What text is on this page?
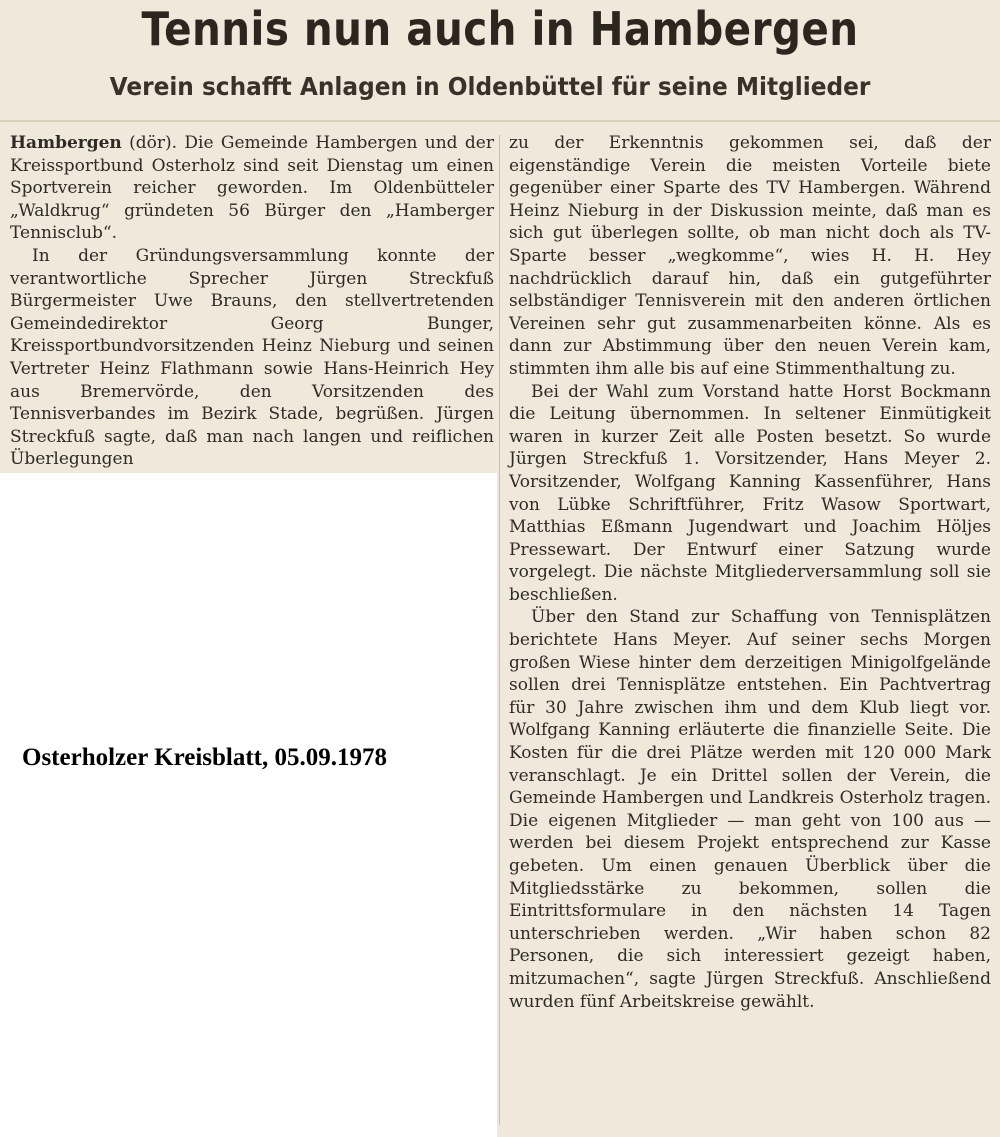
Tennis nun auch in Hambergen
Verein schafft Anlagen in Oldenbüttel für seine Mitglieder

Hambergen (dör). Die Gemeinde Hambergen und der Kreissportbund Osterholz sind seit Dienstag um einen Sportverein reicher geworden. Im Oldenbütteler „Waldkrug“ gründeten 56 Bürger den „Hamberger Tennisclub“.

In der Gründungsversammlung konnte der verantwortliche Sprecher Jürgen Streckfuß Bürgermeister Uwe Brauns, den stellvertretenden Gemeindedirektor Georg Bunger, Kreissportbundvorsitzenden Heinz Nieburg und seinen Vertreter Heinz Flathmann sowie Hans-Heinrich Hey aus Bremervörde, den Vorsitzenden des Tennisverbandes im Bezirk Stade, begrüßen. Jürgen Streckfuß sagte, daß man nach langen und reiflichen Überlegungen

zu der Erkenntnis gekommen sei, daß der eigenständige Verein die meisten Vorteile biete gegenüber einer Sparte des TV Hambergen. Während Heinz Nieburg in der Diskussion meinte, daß man es sich gut überlegen sollte, ob man nicht doch als TV-Sparte besser „wegkomme“, wies H. H. Hey nachdrücklich darauf hin, daß ein gutgeführter selbständiger Tennisverein mit den anderen örtlichen Vereinen sehr gut zusammenarbeiten könne. Als es dann zur Abstimmung über den neuen Verein kam, stimmten ihm alle bis auf eine Stimmenthaltung zu.

Bei der Wahl zum Vorstand hatte Horst Bockmann die Leitung übernommen. In seltener Einmütigkeit waren in kurzer Zeit alle Posten besetzt. So wurde Jürgen Streckfuß 1. Vorsitzender, Hans Meyer 2. Vorsitzender, Wolfgang Kanning Kassenführer, Hans von Lübke Schriftführer, Fritz Wasow Sportwart, Matthias Eßmann Jugendwart und Joachim Höljes Pressewart. Der Entwurf einer Satzung wurde vorgelegt. Die nächste Mitgliederversammlung soll sie beschließen.

Über den Stand zur Schaffung von Tennisplätzen berichtete Hans Meyer. Auf seiner sechs Morgen großen Wiese hinter dem derzeitigen Minigolfgelände sollen drei Tennisplätze entstehen. Ein Pachtvertrag für 30 Jahre zwischen ihm und dem Klub liegt vor. Wolfgang Kanning erläuterte die finanzielle Seite. Die Kosten für die drei Plätze werden mit 120 000 Mark veranschlagt. Je ein Drittel sollen der Verein, die Gemeinde Hambergen und Landkreis Osterholz tragen. Die eigenen Mitglieder — man geht von 100 aus — werden bei diesem Projekt entsprechend zur Kasse gebeten. Um einen genauen Überblick über die Mitgliedsstärke zu bekommen, sollen die Eintrittsformulare in den nächsten 14 Tagen unterschrieben werden. „Wir haben schon 82 Personen, die sich interessiert gezeigt haben, mitzumachen“, sagte Jürgen Streckfuß. Anschließend wurden fünf Arbeitskreise gewählt.

Osterholzer Kreisblatt, 05.09.1978
